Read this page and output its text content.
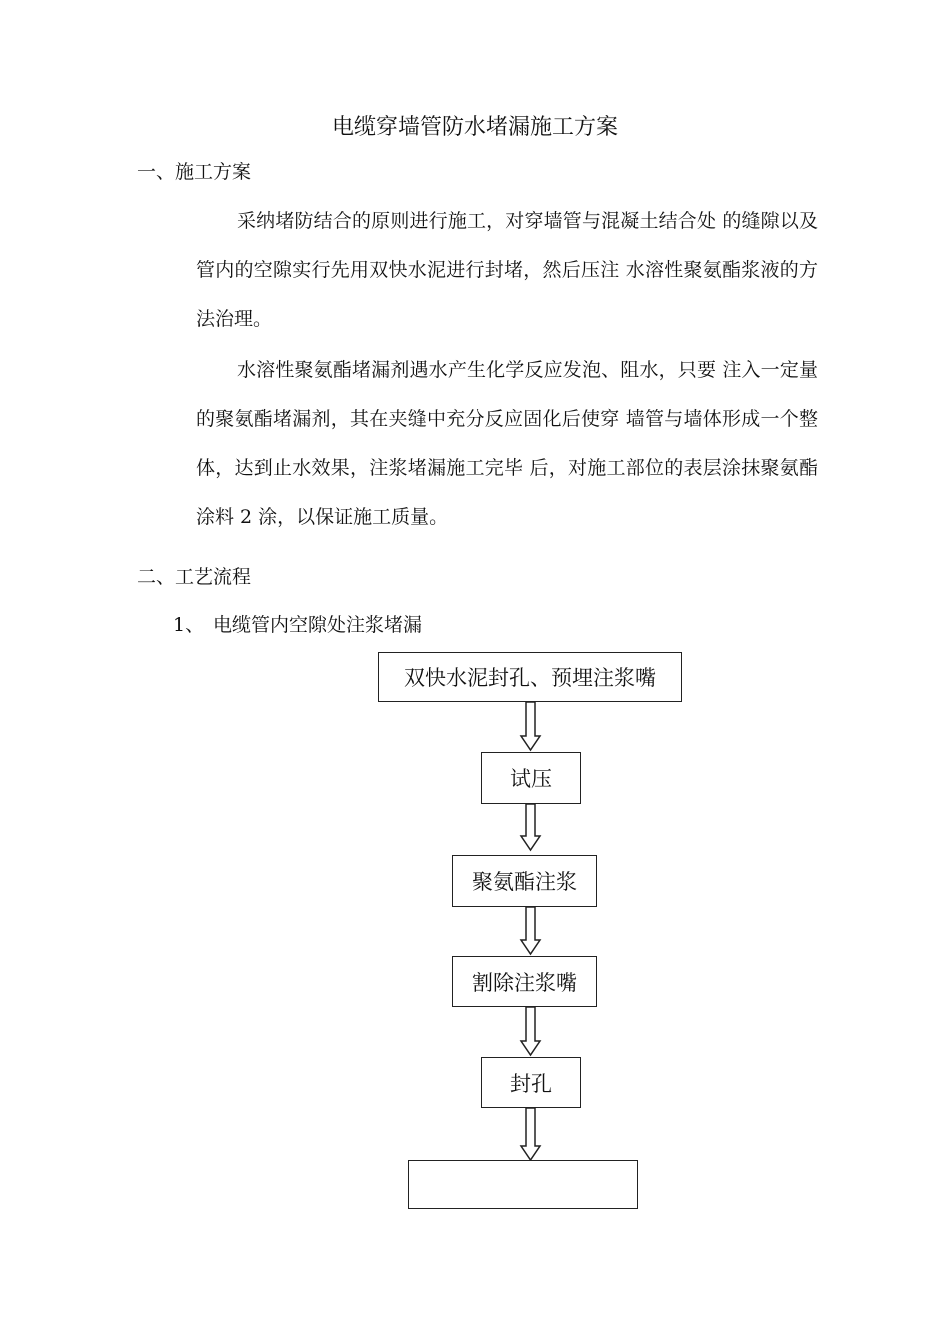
电缆穿墙管防水堵漏施工方案
一、施工方案

采纳堵防结合的原则进行施工，对穿墙管与混凝土结合处 的缝隙以及管内的空隙实行先用双快水泥进行封堵，然后压注 水溶性聚氨酯浆液的方法治理。

水溶性聚氨酯堵漏剂遇水产生化学反应发泡、阻水，只要 注入一定量的聚氨酯堵漏剂，其在夹缝中充分反应固化后使穿 墙管与墙体形成一个整体，达到止水效果，注浆堵漏施工完毕 后，对施工部位的表层涂抹聚氨酯涂料 2 涂，以保证施工质量。

二、工艺流程
1、 电缆管内空隙处注浆堵漏
双快水泥封孔、预埋注浆嘴
试压
聚氨酯注浆
割除注浆嘴
封孔
